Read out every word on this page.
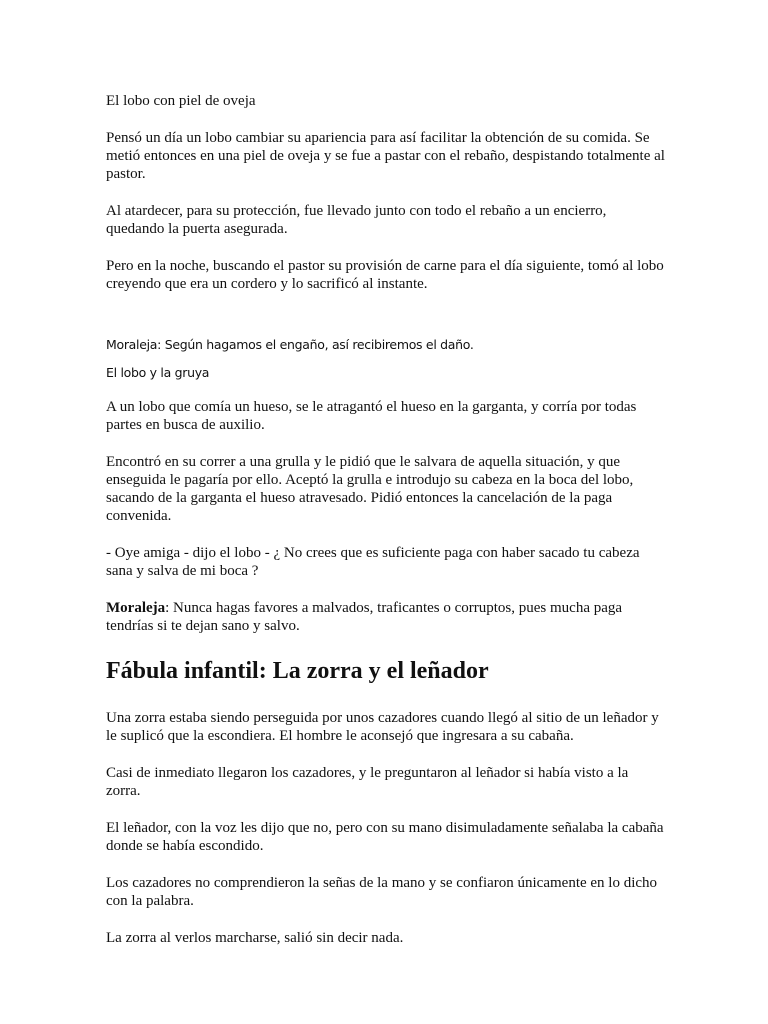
El lobo con piel de oveja

Pensó un día un lobo cambiar su apariencia para así facilitar la obtención de su comida. Se metió entonces en una piel de oveja y se fue a pastar con el rebaño, despistando totalmente al pastor.

Al atardecer, para su protección, fue llevado junto con todo el rebaño a un encierro, quedando la puerta asegurada.

Pero en la noche, buscando el pastor su provisión de carne para el día siguiente, tomó al lobo creyendo que era un cordero y lo sacrificó al instante.

Moraleja: Según hagamos el engaño, así recibiremos el daño.

El lobo y la gruya

A un lobo que comía un hueso, se le atragantó el hueso en la garganta, y corría por todas partes en busca de auxilio.

Encontró en su correr a una grulla y le pidió que le salvara de aquella situación, y que enseguida le pagaría por ello. Aceptó la grulla e introdujo su cabeza en la boca del lobo, sacando de la garganta el hueso atravesado. Pidió entonces la cancelación de la paga convenida.

- Oye amiga - dijo el lobo - ¿ No crees que es suficiente paga con haber sacado tu cabeza sana y salva de mi boca ?

Moraleja: Nunca hagas favores a malvados, traficantes o corruptos, pues mucha paga tendrías si te dejan sano y salvo.

Fábula infantil: La zorra y el leñador

Una zorra estaba siendo perseguida por unos cazadores cuando llegó al sitio de un leñador y le suplicó que la escondiera. El hombre le aconsejó que ingresara a su cabaña.

Casi de inmediato llegaron los cazadores, y le preguntaron al leñador si había visto a la zorra.

El leñador, con la voz les dijo que no, pero con su mano disimuladamente señalaba la cabaña donde se había escondido.

Los cazadores no comprendieron la señas de la mano y se confiaron únicamente en lo dicho con la palabra.

La zorra al verlos marcharse, salió sin decir nada.
